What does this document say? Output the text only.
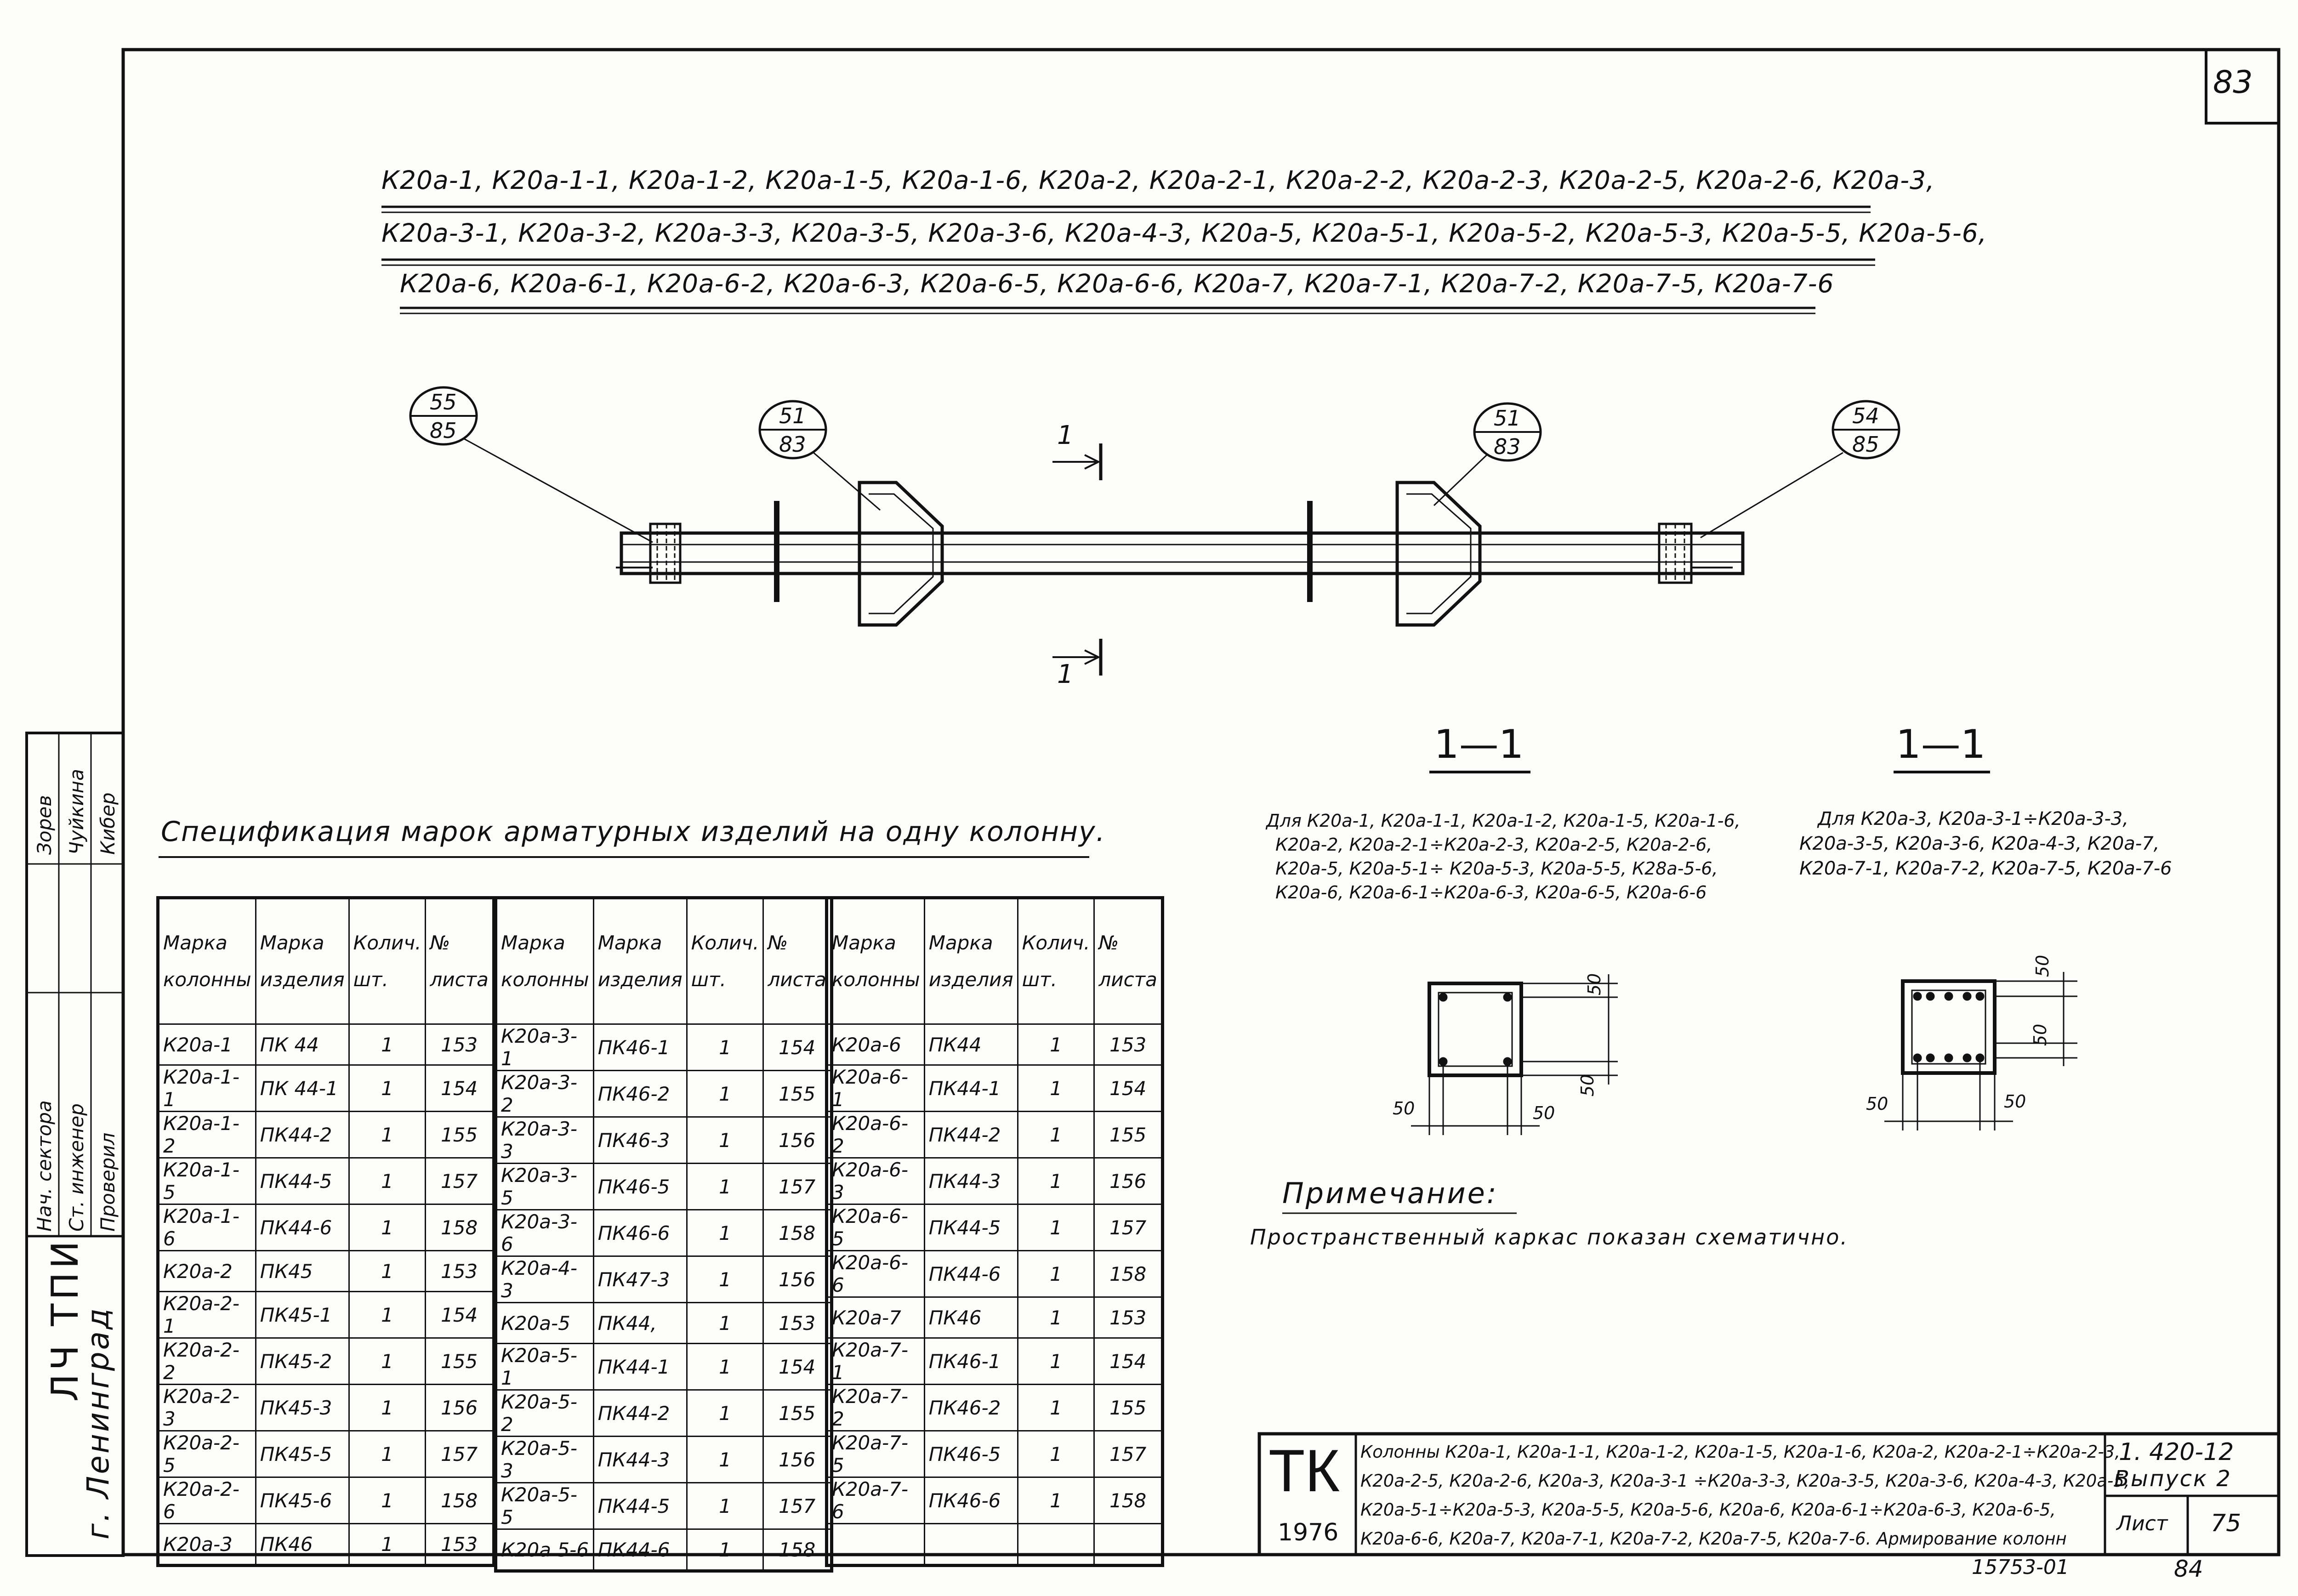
83
К20а-1, К20а-1-1, К20а-1-2, К20а-1-5, К20а-1-6, К20а-2, К20а-2-1, К20а-2-2, К20а-2-3, К20а-2-5, К20а-2-6, К20а-3,
К20а-3-1, К20а-3-2, К20а-3-3, К20а-3-5, К20а-3-6, К20а-4-3, К20а-5, К20а-5-1, К20а-5-2, К20а-5-3, К20а-5-5, К20а-5-6,
К20а-6, К20а-6-1, К20а-6-2, К20а-6-3, К20а-6-5, К20а-6-6, К20а-7, К20а-7-1, К20а-7-2, К20а-7-5, К20а-7-6
55
85
51
83
51
83
54
85
1
1
1—1	1—1
Для К20а-1, К20а-1-1, К20а-1-2, К20а-1-5, К20а-1-6,
К20а-2, К20а-2-1÷К20а-2-3, К20а-2-5, К20а-2-6,
К20а-5, К20а-5-1÷ К20а-5-3, К20а-5-5, К28а-5-6,
К20а-6, К20а-6-1÷К20а-6-3, К20а-6-5, К20а-6-6
Для К20а-3, К20а-3-1÷К20а-3-3,
К20а-3-5, К20а-3-6, К20а-4-3, К20а-7,
К20а-7-1, К20а-7-2, К20а-7-5, К20а-7-6
50
50
50	50
50
50
50	50
Примечание:
Пространственный каркас показан схематично.
Спецификация марок арматурных изделий на одну колонну.
Марка колонны	Марка изделия	Колич. шт.	№ листа
К20а-1	ПК 44	1	153
К20а-1-1	ПК 44-1	1	154
К20а-1-2	ПК44-2	1	155
К20а-1-5	ПК44-5	1	157
К20а-1-6	ПК44-6	1	158
К20а-2	ПК45	1	153
К20а-2-1	ПК45-1	1	154
К20а-2-2	ПК45-2	1	155
К20а-2-3	ПК45-3	1	156
К20а-2-5	ПК45-5	1	157
К20а-2-6	ПК45-6	1	158
К20а-3	ПК46	1	153
Марка колонны	Марка изделия	Колич. шт.	№ листа
К20а-3-1	ПК46-1	1	154
К20а-3-2	ПК46-2	1	155
К20а-3-3	ПК46-3	1	156
К20а-3-5	ПК46-5	1	157
К20а-3-6	ПК46-6	1	158
К20а-4-3	ПК47-3	1	156
К20а-5	ПК44,	1	153
К20а-5-1	ПК44-1	1	154
К20а-5-2	ПК44-2	1	155
К20а-5-3	ПК44-3	1	156
К20а-5-5	ПК44-5	1	157
К20а 5-6	ПК44-6	1	158
Марка колонны	Марка изделия	Колич. шт.	№ листа
К20а-6	ПК44	1	153
К20а-6-1	ПК44-1	1	154
К20а-6-2	ПК44-2	1	155
К20а-6-3	ПК44-3	1	156
К20а-6-5	ПК44-5	1	157
К20а-6-6	ПК44-6	1	158
К20а-7	ПК46	1	153
К20а-7-1	ПК46-1	1	154
К20а-7-2	ПК46-2	1	155
К20а-7-5	ПК46-5	1	157
К20а-7-6	ПК46-6	1	158

Нач. сектора Ст. инженер Проверил
Зорев Чуйкина Кибер
ЛЧ ТПИ
г. Ленинград	ТК
1976
Колонны К20а-1, К20а-1-1, К20а-1-2, К20а-1-5, К20а-1-6, К20а-2, К20а-2-1÷К20а-2-3,
К20а-2-5, К20а-2-6, К20а-3, К20а-3-1 ÷К20а-3-3, К20а-3-5, К20а-3-6, К20а-4-3, К20а-5,
К20а-5-1÷К20а-5-3, К20а-5-5, К20а-5-6, К20а-6, К20а-6-1÷К20а-6-3, К20а-6-5,
К20а-6-6, К20а-7, К20а-7-1, К20а-7-2, К20а-7-5, К20а-7-6. Армирование колонн
1. 420-12
Выпуск 2
Лист 75
15753-01	84
